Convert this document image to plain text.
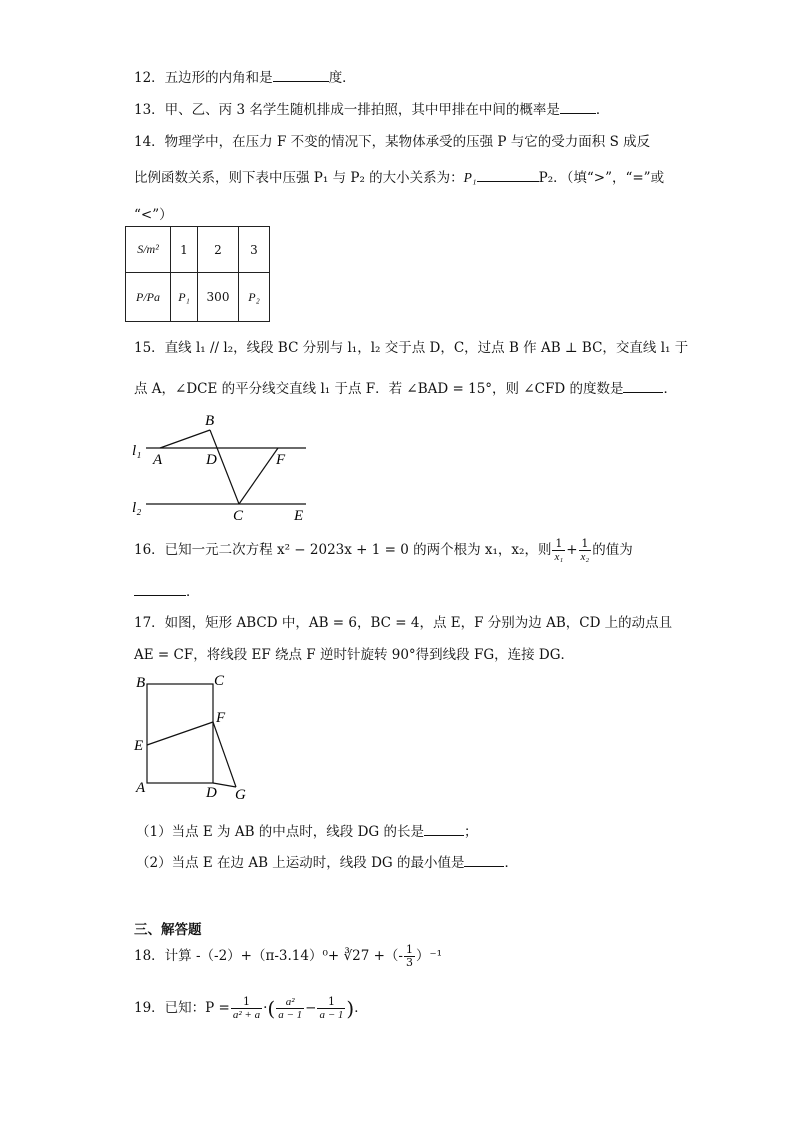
12．五边形的内角和是	度．
13．甲、乙、丙 3 名学生随机排成一排拍照，其中甲排在中间的概率是	．
14．物理学中，在压力 F 不变的情况下，某物体承受的压强 P 与它的受力面积 S 成反
比例函数关系，则下表中压强 P₁ 与 P₂ 的大小关系为：P₁	P₂．（填“>”，“=”或
“<”）
S/m²	1	2	3
P/Pa	P₁	300	P₂
15．直线 l₁ // l₂，线段 BC 分别与 l₁，l₂ 交于点 D，C，过点 B 作 AB ⊥ BC，交直线 l₁ 于
点 A，∠DCE 的平分线交直线 l₁ 于点 F．若 ∠BAD = 15°，则 ∠CFD 的度数是	．
l₁
l₂
A
B
D	F
C	E
16．已知一元二次方程 x² − 2023x + 1 = 0 的两个根为 x₁，x₂，则 $\frac{1}{\text{x₁}} + \frac{1}{\text{x₂}}$ 的值为
．
17．如图，矩形 ABCD 中，AB = 6，BC = 4，点 E，F 分别为边 AB，CD 上的动点且
AE = CF，将线段 EF 绕点 F 逆时针旋转 90°得到线段 FG，连接 DG．
B	C
E
F
A	D G
（1）当点 E 为 AB 的中点时，线段 DG 的长是	；
（2）当点 E 在边 AB 上运动时，线段 DG 的最小值是	．
三、解答题
18．计算 -（-2）+（π-3.14）⁰+ ∛27 +（- $\frac{1}{3} )^{-1}$
19．已知：$P = \frac{1}{\text{a² + a}}$ ·( $\frac{\text{a²}}{a - 1} - \frac{1}{a - 1}$ )．
